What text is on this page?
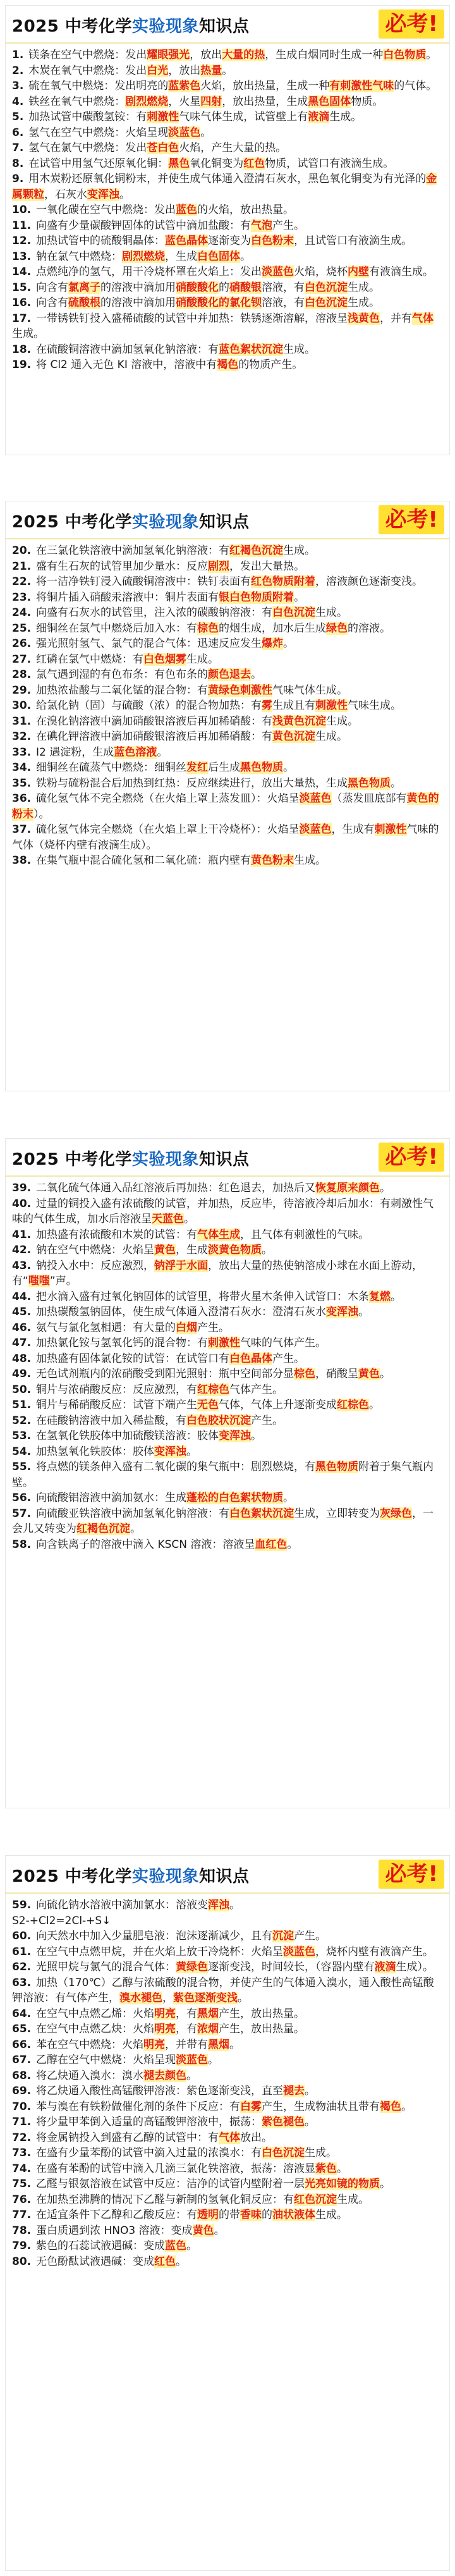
2025 中考化学实验现象知识点	必考!

1. 镁条在空气中燃烧：发出耀眼强光，放出大量的热，生成白烟同时生成一种白色物质。

2. 木炭在氧气中燃烧：发出白光，放出热量。

3. 硫在氧气中燃烧：发出明亮的蓝紫色火焰，放出热量，生成一种有刺激性气味的气体。

4. 铁丝在氧气中燃烧：剧烈燃烧，火星四射，放出热量，生成黑色固体物质。

5. 加热试管中碳酸氢铵：有刺激性气味气体生成，试管壁上有液滴生成。

6. 氢气在空气中燃烧：火焰呈现淡蓝色。

7. 氢气在氯气中燃烧：发出苍白色火焰，产生大量的热。

8. 在试管中用氢气还原氧化铜：黑色氧化铜变为红色物质，试管口有液滴生成。

9. 用木炭粉还原氧化铜粉末，并使生成气体通入澄清石灰水，黑色氧化铜变为有光泽的金属颗粒，石灰水变浑浊。

10. 一氧化碳在空气中燃烧：发出蓝色的火焰，放出热量。

11. 向盛有少量碳酸钾固体的试管中滴加盐酸：有气泡产生。

12. 加热试管中的硫酸铜晶体：蓝色晶体逐渐变为白色粉末，且试管口有液滴生成。

13. 钠在氯气中燃烧：剧烈燃烧，生成白色固体。

14. 点燃纯净的氢气，用干冷烧杯罩在火焰上：发出淡蓝色火焰，烧杯内壁有液滴生成。

15. 向含有氯离子的溶液中滴加用硝酸酸化的硝酸银溶液，有白色沉淀生成。

16. 向含有硫酸根的溶液中滴加用硝酸酸化的氯化钡溶液，有白色沉淀生成。

17. 一带锈铁钉投入盛稀硫酸的试管中并加热：铁锈逐渐溶解，溶液呈浅黄色，并有气体生成。

18. 在硫酸铜溶液中滴加氢氧化钠溶液：有蓝色絮状沉淀生成。

19. 将 Cl2 通入无色 KI 溶液中，溶液中有褐色的物质产生。

2025 中考化学实验现象知识点	必考!

20. 在三氯化铁溶液中滴加氢氧化钠溶液：有红褐色沉淀生成。

21. 盛有生石灰的试管里加少量水：反应剧烈，发出大量热。

22. 将一洁净铁钉浸入硫酸铜溶液中：铁钉表面有红色物质附着，溶液颜色逐渐变浅。

23. 将铜片插入硝酸汞溶液中：铜片表面有银白色物质附着。

24. 向盛有石灰水的试管里，注入浓的碳酸钠溶液：有白色沉淀生成。

25. 细铜丝在氯气中燃烧后加入水：有棕色的烟生成，加水后生成绿色的溶液。

26. 强光照射氢气、氯气的混合气体：迅速反应发生爆炸。

27. 红磷在氯气中燃烧：有白色烟雾生成。

28. 氯气遇到湿的有色布条：有色布条的颜色退去。

29. 加热浓盐酸与二氧化锰的混合物：有黄绿色刺激性气味气体生成。

30. 给氯化钠（固）与硫酸（浓）的混合物加热：有雾生成且有刺激性气味生成。

31. 在溴化钠溶液中滴加硝酸银溶液后再加稀硝酸：有浅黄色沉淀生成。

32. 在碘化钾溶液中滴加硝酸银溶液后再加稀硝酸：有黄色沉淀生成。

33. I2 遇淀粉，生成蓝色溶液。

34. 细铜丝在硫蒸气中燃烧：细铜丝发红后生成黑色物质。

35. 铁粉与硫粉混合后加热到红热：反应继续进行，放出大量热，生成黑色物质。

36. 硫化氢气体不完全燃烧（在火焰上罩上蒸发皿）：火焰呈淡蓝色（蒸发皿底部有黄色的粉末）。

37. 硫化氢气体完全燃烧（在火焰上罩上干冷烧杯）：火焰呈淡蓝色，生成有刺激性气味的气体（烧杯内壁有液滴生成）。

38. 在集气瓶中混合硫化氢和二氧化硫：瓶内壁有黄色粉末生成。

2025 中考化学实验现象知识点	必考!

39. 二氧化硫气体通入品红溶液后再加热：红色退去，加热后又恢复原来颜色。

40. 过量的铜投入盛有浓硫酸的试管，并加热，反应毕，待溶液冷却后加水：有刺激性气味的气体生成，加水后溶液呈天蓝色。

41. 加热盛有浓硫酸和木炭的试管：有气体生成，且气体有刺激性的气味。

42. 钠在空气中燃烧：火焰呈黄色，生成淡黄色物质。

43. 钠投入水中：反应激烈，钠浮于水面，放出大量的热使钠溶成小球在水面上游动，有“嗤嗤”声。

44. 把水滴入盛有过氧化钠固体的试管里，将带火星木条伸入试管口：木条复燃。

45. 加热碳酸氢钠固体，使生成气体通入澄清石灰水：澄清石灰水变浑浊。

46. 氨气与氯化氢相遇：有大量的白烟产生。

47. 加热氯化铵与氢氧化钙的混合物：有刺激性气味的气体产生。

48. 加热盛有固体氯化铵的试管：在试管口有白色晶体产生。

49. 无色试剂瓶内的浓硝酸受到阳光照射：瓶中空间部分显棕色，硝酸呈黄色。

50. 铜片与浓硝酸反应：反应激烈，有红棕色气体产生。

51. 铜片与稀硝酸反应：试管下端产生无色气体，气体上升逐渐变成红棕色。

52. 在硅酸钠溶液中加入稀盐酸，有白色胶状沉淀产生。

53. 在氢氧化铁胶体中加硫酸镁溶液：胶体变浑浊。

54. 加热氢氧化铁胶体：胶体变浑浊。

55. 将点燃的镁条伸入盛有二氧化碳的集气瓶中：剧烈燃烧，有黑色物质附着于集气瓶内壁。

56. 向硫酸铝溶液中滴加氨水：生成蓬松的白色絮状物质。

57. 向硫酸亚铁溶液中滴加氢氧化钠溶液：有白色絮状沉淀生成，立即转变为灰绿色，一会儿又转变为红褐色沉淀。

58. 向含铁离子的溶液中滴入 KSCN 溶液：溶液呈血红色。

2025 中考化学实验现象知识点	必考!

59. 向硫化钠水溶液中滴加氯水：溶液变浑浊。
S2-+Cl2=2Cl-+S↓

60. 向天然水中加入少量肥皂液：泡沫逐渐减少，且有沉淀产生。

61. 在空气中点燃甲烷，并在火焰上放干冷烧杯：火焰呈淡蓝色，烧杯内壁有液滴产生。

62. 光照甲烷与氯气的混合气体：黄绿色逐渐变浅，时间较长，（容器内壁有液滴生成）。

63. 加热（170℃）乙醇与浓硫酸的混合物，并使产生的气体通入溴水，通入酸性高锰酸钾溶液：有气体产生，溴水褪色，紫色逐渐变浅。

64. 在空气中点燃乙烯：火焰明亮，有黑烟产生，放出热量。

65. 在空气中点燃乙炔：火焰明亮，有浓烟产生，放出热量。

66. 苯在空气中燃烧：火焰明亮，并带有黑烟。

67. 乙醇在空气中燃烧：火焰呈现淡蓝色。

68. 将乙炔通入溴水：溴水褪去颜色。

69. 将乙炔通入酸性高锰酸钾溶液：紫色逐渐变浅，直至褪去。

70. 苯与溴在有铁粉做催化剂的条件下反应：有白雾产生，生成物油状且带有褐色。

71. 将少量甲苯倒入适量的高锰酸钾溶液中，振荡：紫色褪色。

72. 将金属钠投入到盛有乙醇的试管中：有气体放出。

73. 在盛有少量苯酚的试管中滴入过量的浓溴水：有白色沉淀生成。

74. 在盛有苯酚的试管中滴入几滴三氯化铁溶液，振荡：溶液显紫色。

75. 乙醛与银氨溶液在试管中反应：洁净的试管内壁附着一层光亮如镜的物质。

76. 在加热至沸腾的情况下乙醛与新制的氢氧化铜反应：有红色沉淀生成。

77. 在适宜条件下乙醇和乙酸反应：有透明的带香味的油状液体生成。

78. 蛋白质遇到浓 HNO3 溶液：变成黄色。

79. 紫色的石蕊试液遇碱：变成蓝色。

80. 无色酚酞试液遇碱：变成红色。
